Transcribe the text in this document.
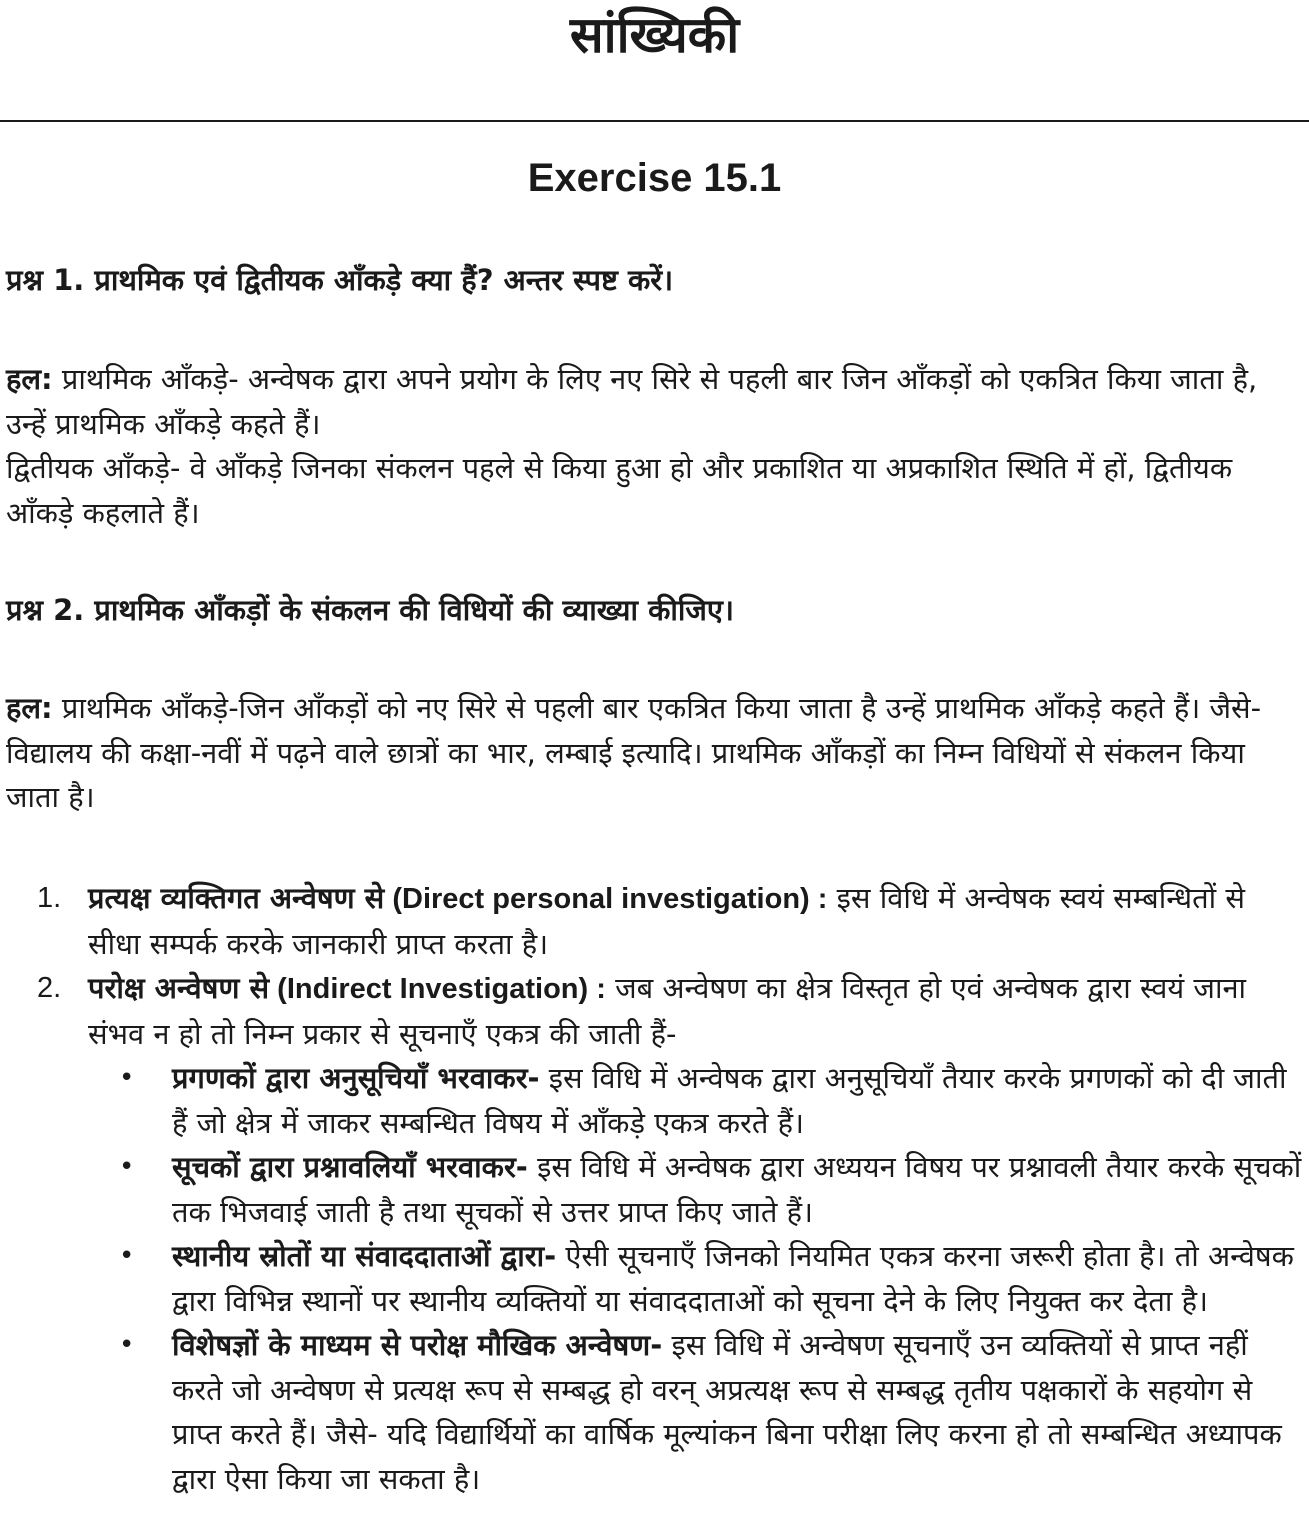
सांख्यिकी
Exercise 15.1

प्रश्न 1. प्राथमिक एवं द्वितीयक आँकड़े क्या हैं? अन्तर स्पष्ट करें।

हल: प्राथमिक आँकड़े- अन्वेषक द्वारा अपने प्रयोग के लिए नए सिरे से पहली बार जिन आँकड़ों को एकत्रित किया जाता है, उन्हें प्राथमिक आँकड़े कहते हैं।
द्वितीयक आँकड़े- वे आँकड़े जिनका संकलन पहले से किया हुआ हो और प्रकाशित या अप्रकाशित स्थिति में हों, द्वितीयक आँकड़े कहलाते हैं।

प्रश्न 2. प्राथमिक आँकड़ों के संकलन की विधियों की व्याख्या कीजिए।

हल: प्राथमिक आँकड़े-जिन आँकड़ों को नए सिरे से पहली बार एकत्रित किया जाता है उन्हें प्राथमिक आँकड़े कहते हैं। जैसे- विद्यालय की कक्षा-नवीं में पढ़ने वाले छात्रों का भार, लम्बाई इत्यादि। प्राथमिक आँकड़ों का निम्न विधियों से संकलन किया जाता है।
1. प्रत्यक्ष व्यक्तिगत अन्वेषण से (Direct personal investigation) : इस विधि में अन्वेषक स्वयं सम्बन्धितों से सीधा सम्पर्क करके जानकारी प्राप्त करता है।
2. परोक्ष अन्वेषण से (Indirect Investigation) : जब अन्वेषण का क्षेत्र विस्तृत हो एवं अन्वेषक द्वारा स्वयं जाना संभव न हो तो निम्न प्रकार से सूचनाएँ एकत्र की जाती हैं-
• प्रगणकों द्वारा अनुसूचियाँ भरवाकर- इस विधि में अन्वेषक द्वारा अनुसूचियाँ तैयार करके प्रगणकों को दी जाती हैं जो क्षेत्र में जाकर सम्बन्धित विषय में आँकड़े एकत्र करते हैं।
• सूचकों द्वारा प्रश्नावलियाँ भरवाकर- इस विधि में अन्वेषक द्वारा अध्ययन विषय पर प्रश्नावली तैयार करके सूचकों तक भिजवाई जाती है तथा सूचकों से उत्तर प्राप्त किए जाते हैं।
• स्थानीय स्रोतों या संवाददाताओं द्वारा- ऐसी सूचनाएँ जिनको नियमित एकत्र करना जरूरी होता है। तो अन्वेषक द्वारा विभिन्न स्थानों पर स्थानीय व्यक्तियों या संवाददाताओं को सूचना देने के लिए नियुक्त कर देता है।
• विशेषज्ञों के माध्यम से परोक्ष मौखिक अन्वेषण- इस विधि में अन्वेषण सूचनाएँ उन व्यक्तियों से प्राप्त नहीं करते जो अन्वेषण से प्रत्यक्ष रूप से सम्बद्ध हो वरन् अप्रत्यक्ष रूप से सम्बद्ध तृतीय पक्षकारों के सहयोग से प्राप्त करते हैं। जैसे- यदि विद्यार्थियों का वार्षिक मूल्यांकन बिना परीक्षा लिए करना हो तो सम्बन्धित अध्यापक द्वारा ऐसा किया जा सकता है।
